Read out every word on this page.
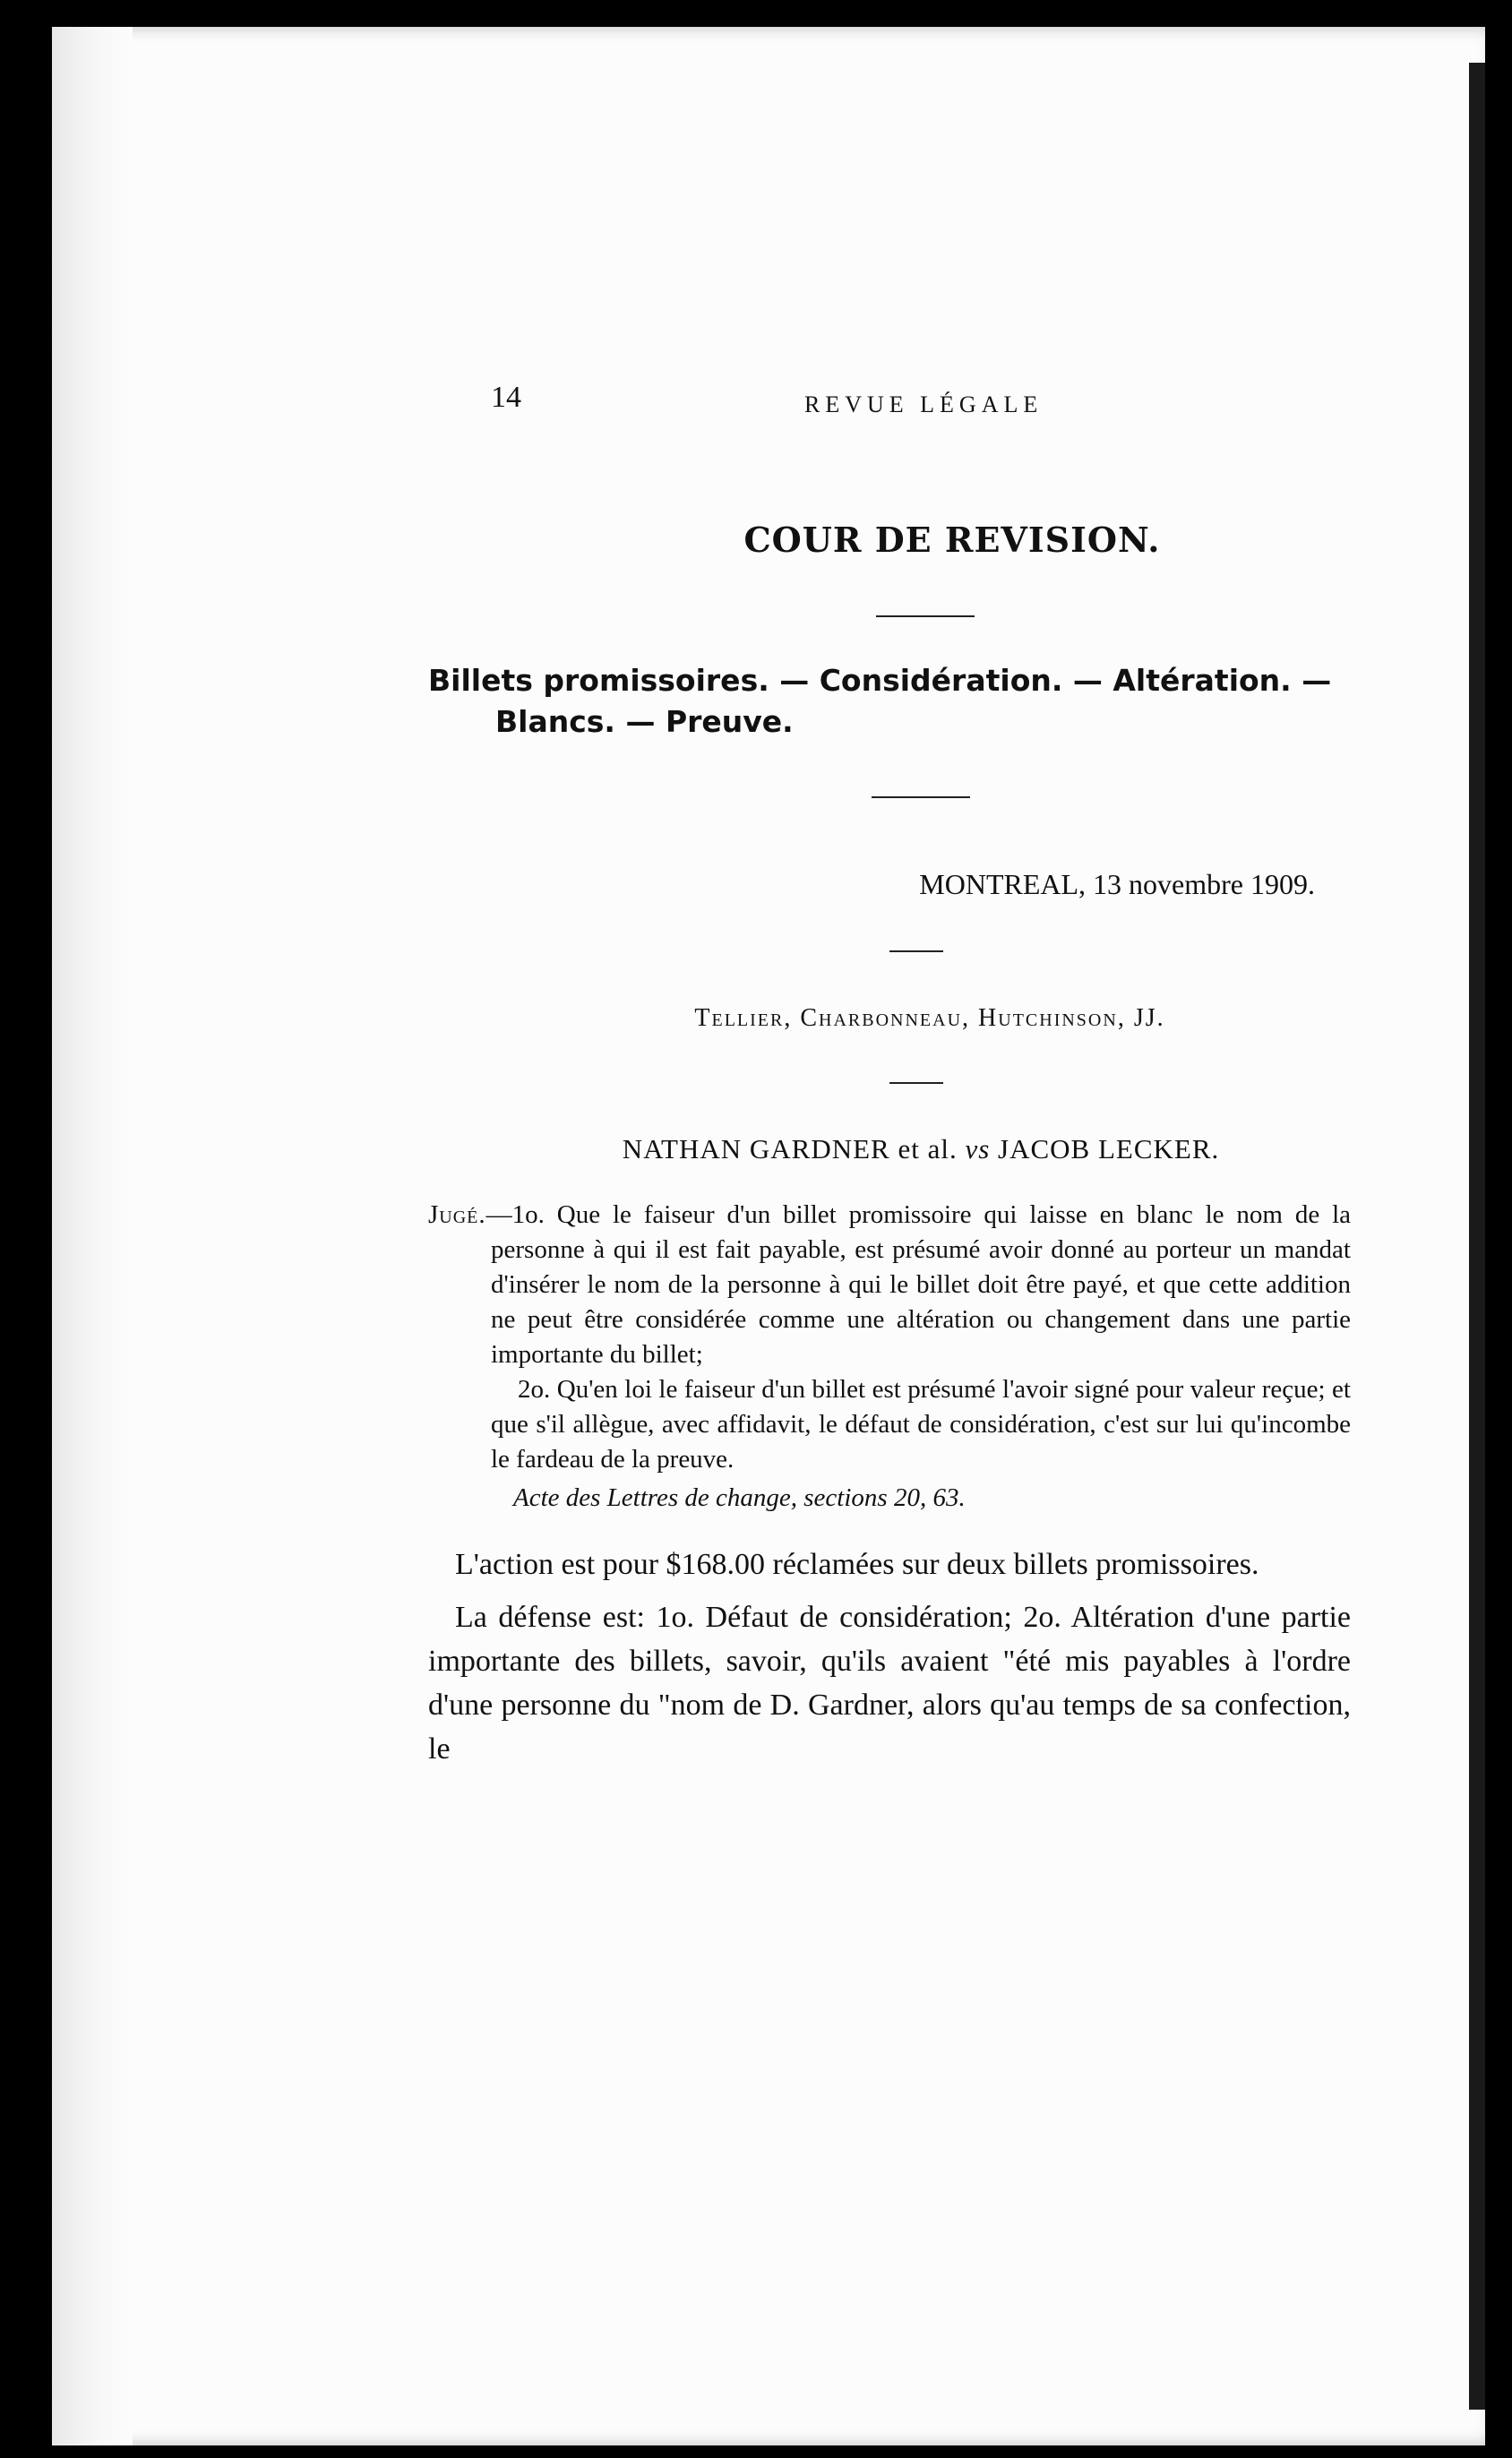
14	REVUE LÉGALE
COUR DE REVISION.
Billets promissoires. — Considération. — Altération. —
Blancs. — Preuve.
MONTREAL, 13 novembre 1909.
Tellier, Charbonneau, Hutchinson, JJ.
NATHAN GARDNER et al. vs JACOB LECKER.

Jugé.—1o. Que le faiseur d'un billet promissoire qui laisse en blanc le nom de la personne à qui il est fait payable, est présumé avoir donné au porteur un mandat d'insérer le nom de la personne à qui le billet doit être payé, et que cette addition ne peut être considérée comme une altération ou changement dans une partie importante du billet;

2o. Qu'en loi le faiseur d'un billet est présumé l'avoir signé pour valeur reçue; et que s'il allègue, avec affidavit, le défaut de considération, c'est sur lui qu'incombe le fardeau de la preuve.

Acte des Lettres de change, sections 20, 63.

L'action est pour $168.00 réclamées sur deux billets promissoires.

La défense est: 1o. Défaut de considération; 2o. Altération d'une partie importante des billets, savoir, qu'ils avaient "été mis payables à l'ordre d'une personne du "nom de D. Gardner, alors qu'au temps de sa confection, le
